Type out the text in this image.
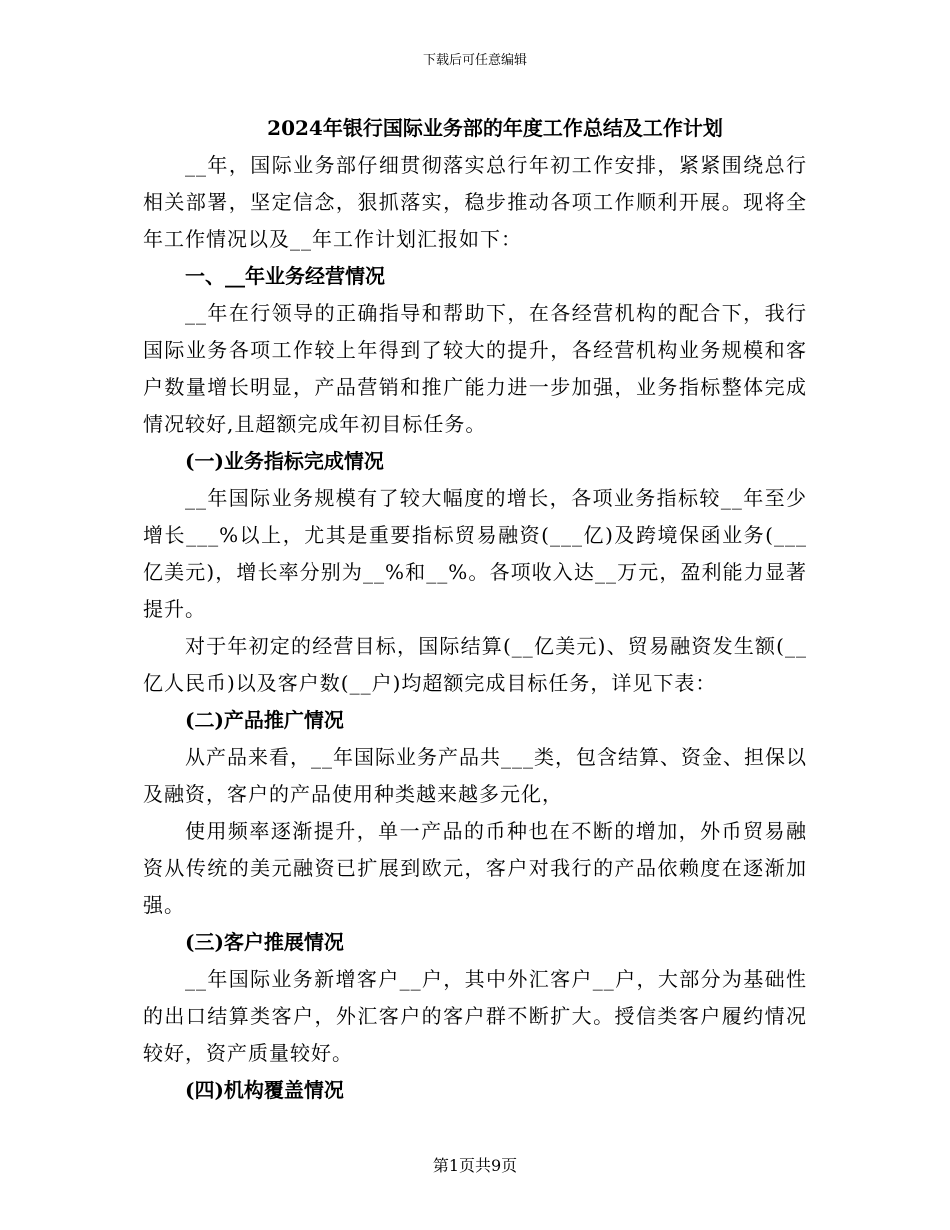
下载后可任意编辑

2024年银行国际业务部的年度工作总结及工作计划

__年，国际业务部仔细贯彻落实总行年初工作安排，紧紧围绕总行相关部署，坚定信念，狠抓落实，稳步推动各项工作顺利开展。现将全年工作情况以及__年工作计划汇报如下：

一、__年业务经营情况

__年在行领导的正确指导和帮助下，在各经营机构的配合下，我行国际业务各项工作较上年得到了较大的提升，各经营机构业务规模和客户数量增长明显，产品营销和推广能力进一步加强，业务指标整体完成情况较好,且超额完成年初目标任务。

(一)业务指标完成情况

__年国际业务规模有了较大幅度的增长，各项业务指标较__年至少增长___%以上，尤其是重要指标贸易融资(___亿)及跨境保函业务(___亿美元)，增长率分别为__%和__%。各项收入达__万元，盈利能力显著提升。

对于年初定的经营目标，国际结算(__亿美元)、贸易融资发生额(__亿人民币)以及客户数(__户)均超额完成目标任务，详见下表：

(二)产品推广情况

从产品来看，__年国际业务产品共___类，包含结算、资金、担保以及融资，客户的产品使用种类越来越多元化，

使用频率逐渐提升，单一产品的币种也在不断的增加，外币贸易融资从传统的美元融资已扩展到欧元，客户对我行的产品依赖度在逐渐加强。

(三)客户推展情况

__年国际业务新增客户__户，其中外汇客户__户，大部分为基础性的出口结算类客户，外汇客户的客户群不断扩大。授信类客户履约情况较好，资产质量较好。

(四)机构覆盖情况

第1页共9页
